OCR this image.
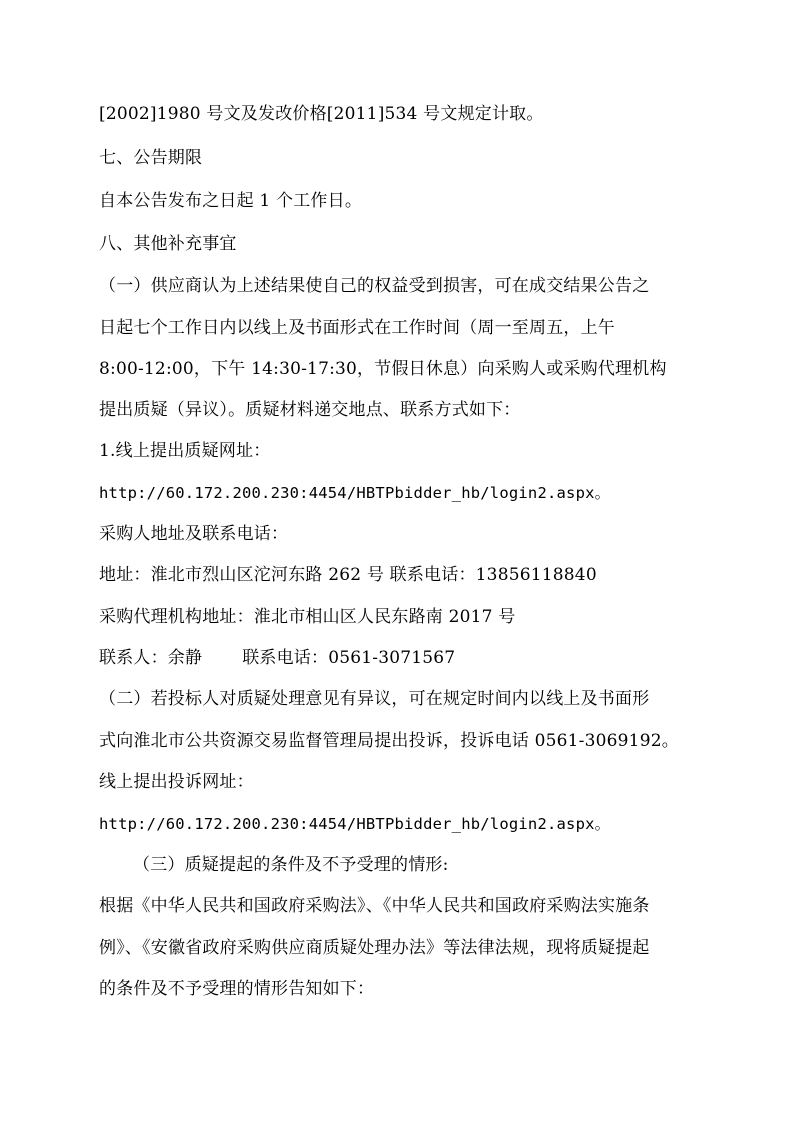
[2002]1980 号文及发改价格[2011]534 号文规定计取。
七、公告期限
自本公告发布之日起 1 个工作日。
八、其他补充事宜
（一）供应商认为上述结果使自己的权益受到损害，可在成交结果公告之
日起七个工作日内以线上及书面形式在工作时间（周一至周五，上午
8:00-12:00，下午 14:30-17:30，节假日休息）向采购人或采购代理机构
提出质疑（异议）。质疑材料递交地点、联系方式如下：
1.线上提出质疑网址：
http://60.172.200.230:4454/HBTPbidder_hb/login2.aspx。
采购人地址及联系电话：
地址：淮北市烈山区沱河东路 262 号 联系电话：13856118840
采购代理机构地址：淮北市相山区人民东路南 2017 号
联系人：余静　　 联系电话：0561-3071567
（二）若投标人对质疑处理意见有异议，可在规定时间内以线上及书面形
式向淮北市公共资源交易监督管理局提出投诉，投诉电话 0561-3069192。
线上提出投诉网址：
http://60.172.200.230:4454/HBTPbidder_hb/login2.aspx。
（三）质疑提起的条件及不予受理的情形:
根据《中华人民共和国政府采购法》、《中华人民共和国政府采购法实施条
例》、《安徽省政府采购供应商质疑处理办法》等法律法规，现将质疑提起
的条件及不予受理的情形告知如下：
